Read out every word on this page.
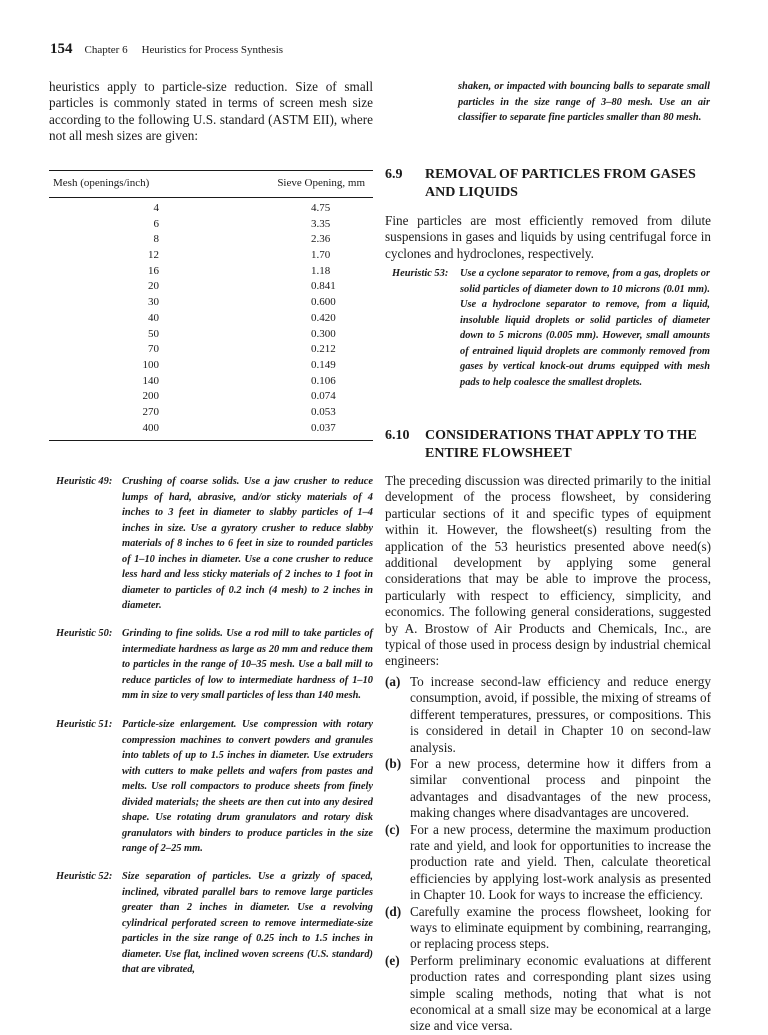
154 Chapter 6 Heuristics for Process Synthesis

heuristics apply to particle-size reduction. Size of small particles is commonly stated in terms of screen mesh size according to the following U.S. standard (ASTM EII), where not all mesh sizes are given:

Mesh (openings/inch)	Sieve Opening, mm
4	4.75
6	3.35
8	2.36
12	1.70
16	1.18
20	0.841
30	0.600
40	0.420
50	0.300
70	0.212
100	0.149
140	0.106
200	0.074
270	0.053
400	0.037
Heuristic 49: Crushing of coarse solids. Use a jaw crusher to reduce lumps of hard, abrasive, and/or sticky materials of 4 inches to 3 feet in diameter to slabby particles of 1–4 inches in size. Use a gyratory crusher to reduce slabby materials of 8 inches to 6 feet in size to rounded particles of 1–10 inches in diameter. Use a cone crusher to reduce less hard and less sticky materials of 2 inches to 1 foot in diameter to particles of 0.2 inch (4 mesh) to 2 inches in diameter.
Heuristic 50: Grinding to fine solids. Use a rod mill to take particles of intermediate hardness as large as 20 mm and reduce them to particles in the range of 10–35 mesh. Use a ball mill to reduce particles of low to intermediate hardness of 1–10 mm in size to very small particles of less than 140 mesh.
Heuristic 51: Particle-size enlargement. Use compression with rotary compression machines to convert powders and granules into tablets of up to 1.5 inches in diameter. Use extruders with cutters to make pellets and wafers from pastes and melts. Use roll compactors to produce sheets from finely divided materials; the sheets are then cut into any desired shape. Use rotating drum granulators and rotary disk granulators with binders to produce particles in the size range of 2–25 mm.
Heuristic 52: Size separation of particles. Use a grizzly of spaced, inclined, vibrated parallel bars to remove large particles greater than 2 inches in diameter. Use a revolving cylindrical perforated screen to remove intermediate-size particles in the size range of 0.25 inch to 1.5 inches in diameter. Use flat, inclined woven screens (U.S. standard) that are vibrated,
shaken, or impacted with bouncing balls to separate small particles in the size range of 3–80 mesh. Use an air classifier to separate fine particles smaller than 80 mesh.
6.9 REMOVAL OF PARTICLES FROM GASES AND LIQUIDS

Fine particles are most efficiently removed from dilute suspensions in gases and liquids by using centrifugal force in cyclones and hydroclones, respectively.

Heuristic 53: Use a cyclone separator to remove, from a gas, droplets or solid particles of diameter down to 10 microns (0.01 mm). Use a hydroclone separator to remove, from a liquid, insoluble liquid droplets or solid particles of diameter down to 5 microns (0.005 mm). However, small amounts of entrained liquid droplets are commonly removed from gases by vertical knock-out drums equipped with mesh pads to help coalesce the smallest droplets.
6.10 CONSIDERATIONS THAT APPLY TO THE ENTIRE FLOWSHEET

The preceding discussion was directed primarily to the initial development of the process flowsheet, by considering particular sections of it and specific types of equipment within it. However, the flowsheet(s) resulting from the application of the 53 heuristics presented above need(s) additional development by applying some general considerations that may be able to improve the process, particularly with respect to efficiency, simplicity, and economics. The following general considerations, suggested by A. Brostow of Air Products and Chemicals, Inc., are typical of those used in process design by industrial chemical engineers:

(a) To increase second-law efficiency and reduce energy consumption, avoid, if possible, the mixing of streams of different temperatures, pressures, or compositions. This is considered in detail in Chapter 10 on second-law analysis.
(b) For a new process, determine how it differs from a similar conventional process and pinpoint the advantages and disadvantages of the new process, making changes where disadvantages are uncovered.
(c) For a new process, determine the maximum production rate and yield, and look for opportunities to increase the production rate and yield. Then, calculate theoretical efficiencies by applying lost-work analysis as presented in Chapter 10. Look for ways to increase the efficiency.
(d) Carefully examine the process flowsheet, looking for ways to eliminate equipment by combining, rearranging, or replacing process steps.
(e) Perform preliminary economic evaluations at different production rates and corresponding plant sizes using simple scaling methods, noting that what is not economical at a small size may be economical at a large size and vice versa.
